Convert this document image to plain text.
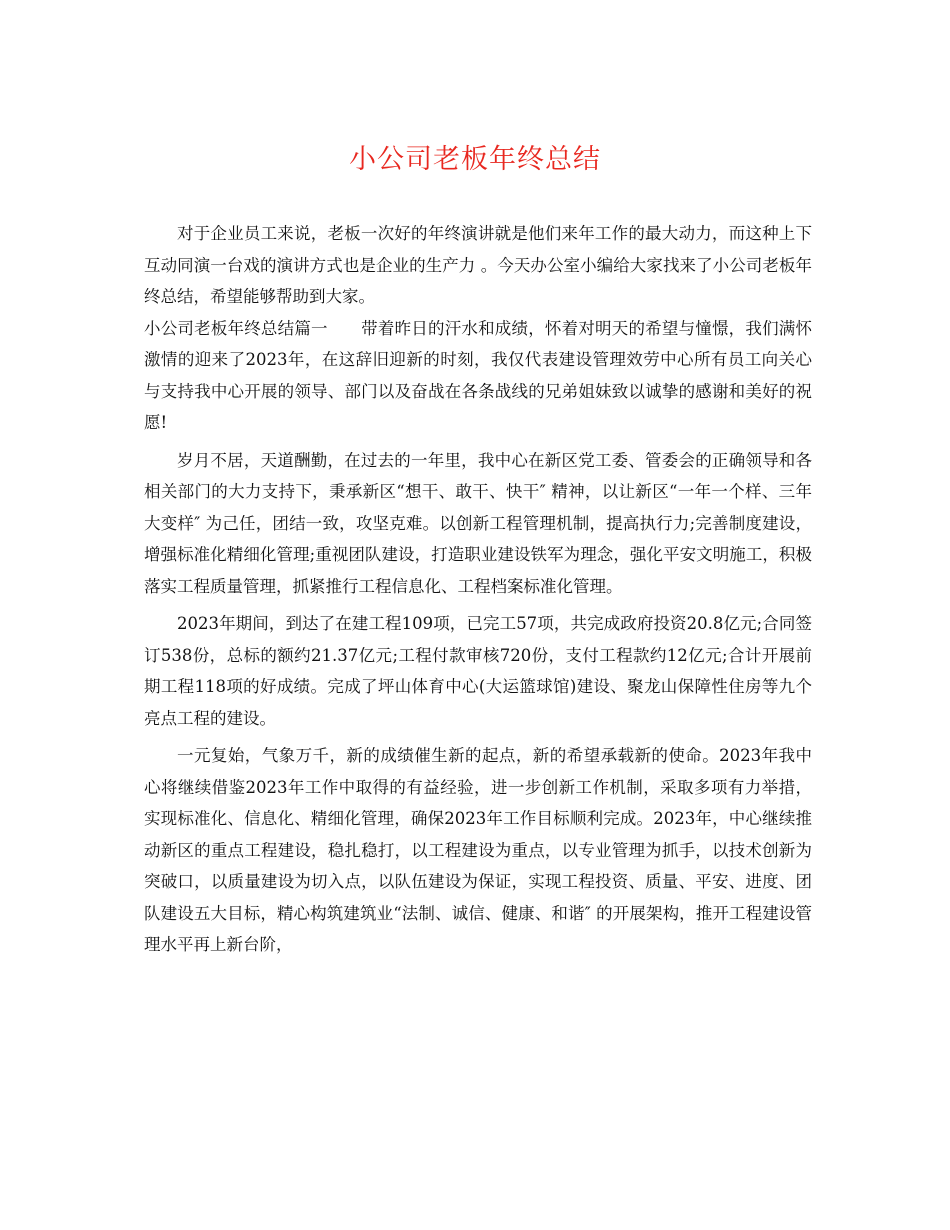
小公司老板年终总结

对于企业员工来说，老板一次好的年终演讲就是他们来年工作的最大动力，而这种上下互动同演一台戏的演讲方式也是企业的生产力 。今天办公室小编给大家找来了小公司老板年终总结，希望能够帮助到大家。

小公司老板年终总结篇一　　带着昨日的汗水和成绩，怀着对明天的希望与憧憬，我们满怀激情的迎来了2023年，在这辞旧迎新的时刻，我仅代表建设管理效劳中心所有员工向关心与支持我中心开展的领导、部门以及奋战在各条战线的兄弟姐妹致以诚挚的感谢和美好的祝愿!

岁月不居，天道酬勤，在过去的一年里，我中心在新区党工委、管委会的正确领导和各相关部门的大力支持下，秉承新区“想干、敢干、快干″ 精神，以让新区“一年一个样、三年大变样″ 为己任，团结一致，攻坚克难。以创新工程管理机制，提高执行力;完善制度建设，增强标准化精细化管理;重视团队建设，打造职业建设铁军为理念，强化平安文明施工，积极落实工程质量管理，抓紧推行工程信息化、工程档案标准化管理。

2023年期间，到达了在建工程109项，已完工57项，共完成政府投资20.8亿元;合同签订538份，总标的额约21.37亿元;工程付款审核720份，支付工程款约12亿元;合计开展前期工程118项的好成绩。完成了坪山体育中心(大运篮球馆)建设、聚龙山保障性住房等九个亮点工程的建设。

一元复始，气象万千，新的成绩催生新的起点，新的希望承载新的使命。2023年我中心将继续借鉴2023年工作中取得的有益经验，进一步创新工作机制，采取多项有力举措，实现标准化、信息化、精细化管理，确保2023年工作目标顺利完成。2023年，中心继续推动新区的重点工程建设，稳扎稳打，以工程建设为重点，以专业管理为抓手，以技术创新为突破口，以质量建设为切入点，以队伍建设为保证，实现工程投资、质量、平安、进度、团队建设五大目标，精心构筑建筑业“法制、诚信、健康、和谐″ 的开展架构，推开工程建设管理水平再上新台阶，
